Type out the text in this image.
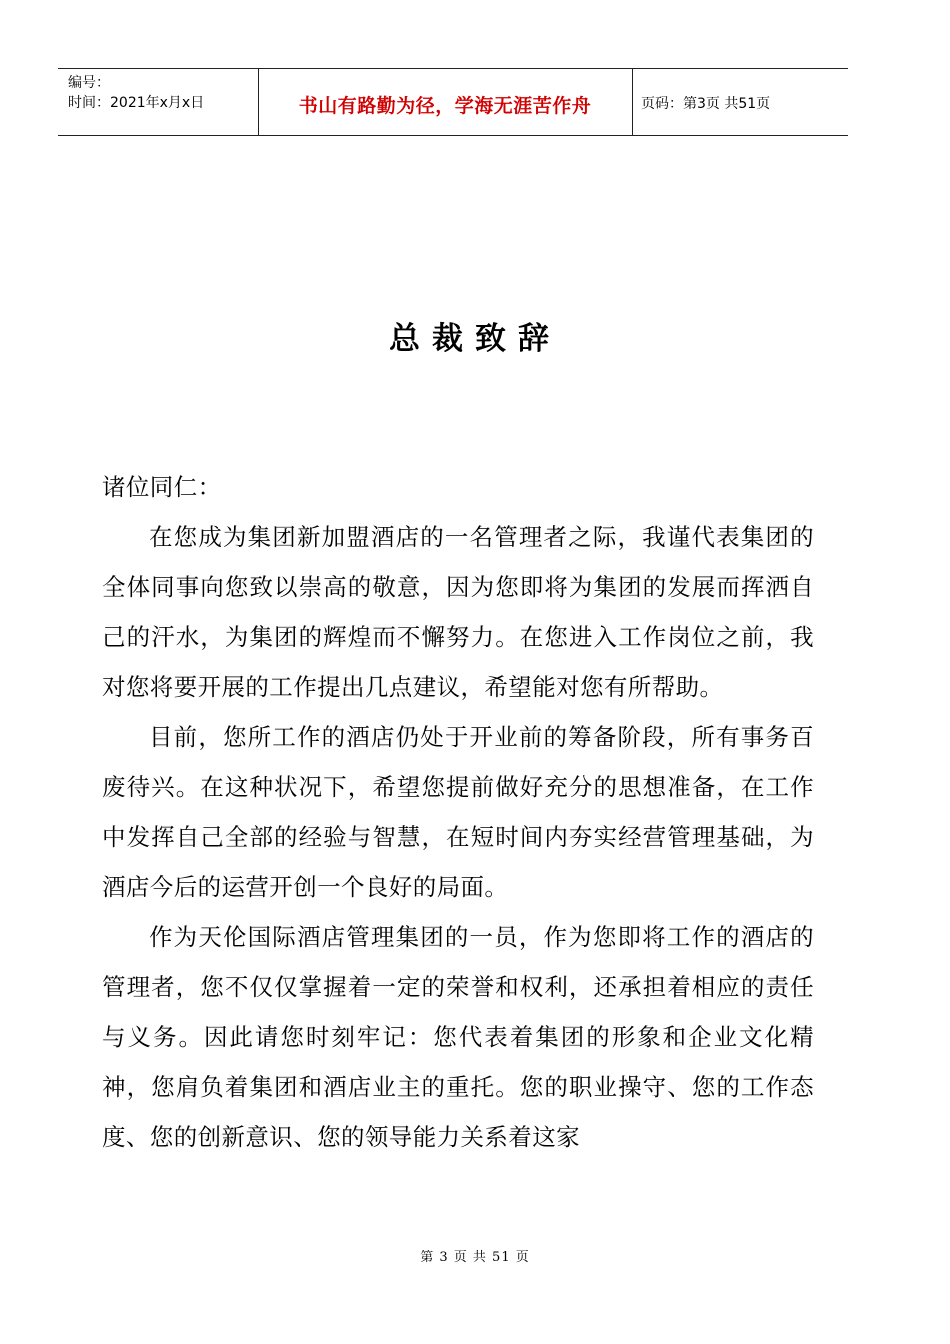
编号：
时间：2021年x月x日	书山有路勤为径，学海无涯苦作舟	页码：第3页 共51页
总裁致辞

诸位同仁：

在您成为集团新加盟酒店的一名管理者之际，我谨代表集团的全体同事向您致以崇高的敬意，因为您即将为集团的发展而挥洒自己的汗水，为集团的辉煌而不懈努力。在您进入工作岗位之前，我对您将要开展的工作提出几点建议，希望能对您有所帮助。

目前，您所工作的酒店仍处于开业前的筹备阶段，所有事务百废待兴。在这种状况下，希望您提前做好充分的思想准备，在工作中发挥自己全部的经验与智慧，在短时间内夯实经营管理基础，为酒店今后的运营开创一个良好的局面。

作为天伦国际酒店管理集团的一员，作为您即将工作的酒店的管理者，您不仅仅掌握着一定的荣誉和权利，还承担着相应的责任与义务。因此请您时刻牢记：您代表着集团的形象和企业文化精神，您肩负着集团和酒店业主的重托。您的职业操守、您的工作态度、您的创新意识、您的领导能力关系着这家

第 3 页 共 51 页
